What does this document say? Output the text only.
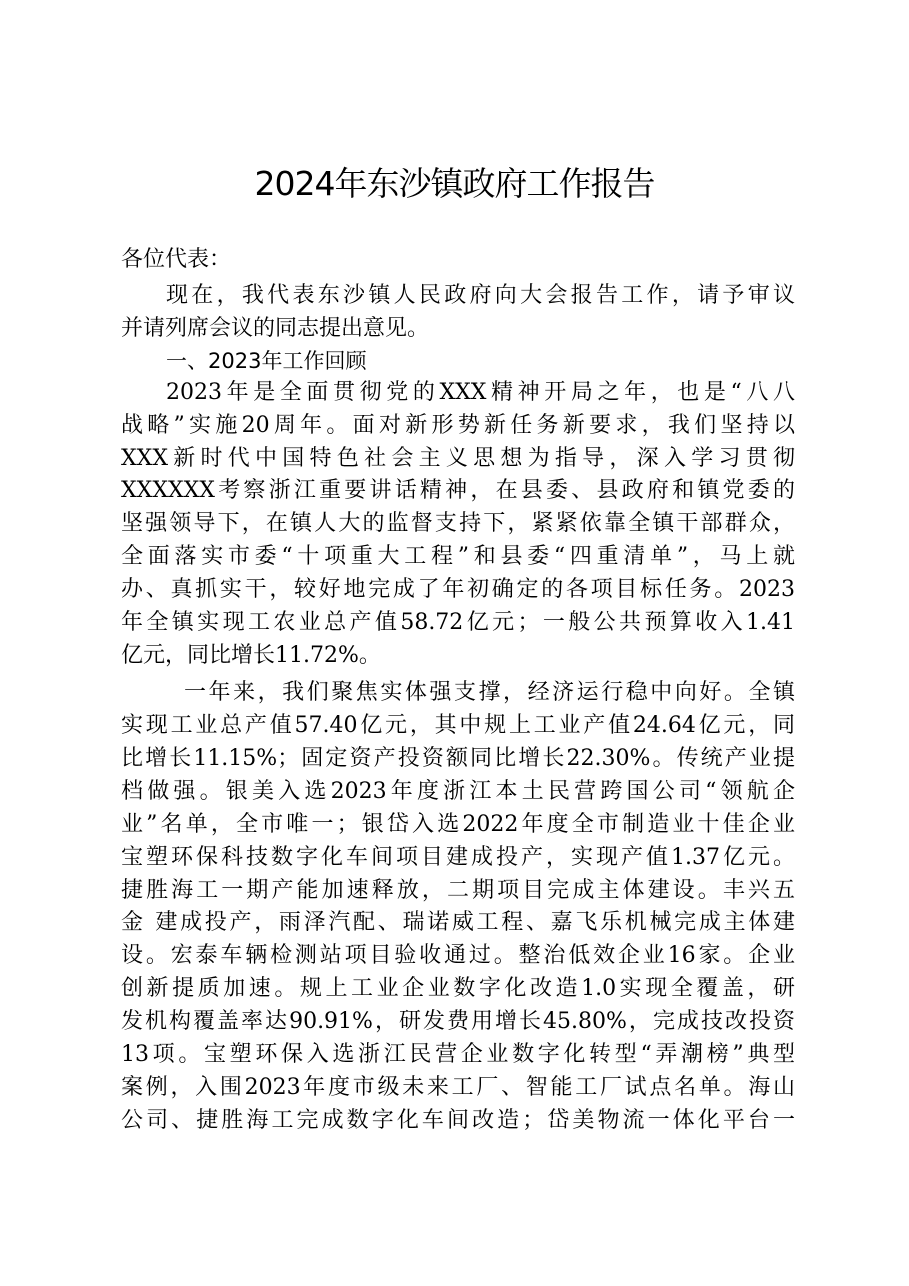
2024年东沙镇政府工作报告
各位代表：
现在，我代表东沙镇人民政府向大会报告工作，请予审议
并请列席会议的同志提出意见。
一、2023年工作回顾
2023年是全面贯彻党的XXX精神开局之年，也是“八八
战略”实施20周年。面对新形势新任务新要求，我们坚持以
XXX新时代中国特色社会主义思想为指导，深入学习贯彻
XXXXXX考察浙江重要讲话精神，在县委、县政府和镇党委的
坚强领导下，在镇人大的监督支持下，紧紧依靠全镇干部群众，
全面落实市委“十项重大工程”和县委“四重清单”，马上就
办、真抓实干，较好地完成了年初确定的各项目标任务。2023
年全镇实现工农业总产值58.72亿元；一般公共预算收入1.41
亿元，同比增长11.72%。
一年来，我们聚焦实体强支撑，经济运行稳中向好。全镇
实现工业总产值57.40亿元，其中规上工业产值24.64亿元，同
比增长11.15%；固定资产投资额同比增长22.30%。传统产业提
档做强。银美入选2023年度浙江本土民营跨国公司“领航企
业”名单，全市唯一；银岱入选2022年度全市制造业十佳企业
宝塑环保科技数字化车间项目建成投产，实现产值1.37亿元。
捷胜海工一期产能加速释放，二期项目完成主体建设。丰兴五
金 建成投产，雨泽汽配、瑞诺威工程、嘉飞乐机械完成主体建
设。宏泰车辆检测站项目验收通过。整治低效企业16家。企业
创新提质加速。规上工业企业数字化改造1.0实现全覆盖，研
发机构覆盖率达90.91%，研发费用增长45.80%，完成技改投资
13项。宝塑环保入选浙江民营企业数字化转型“弄潮榜”典型
案例，入围2023年度市级未来工厂、智能工厂试点名单。海山
公司、捷胜海工完成数字化车间改造；岱美物流一体化平台一
